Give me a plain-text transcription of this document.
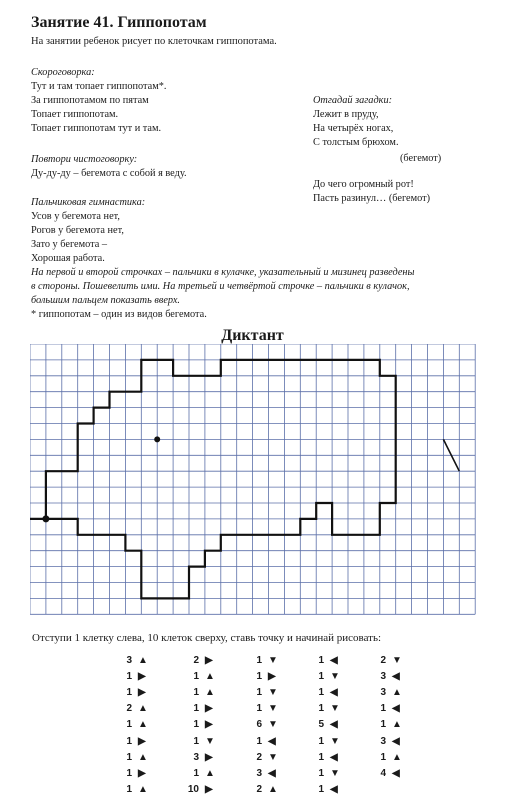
Занятие 41. Гиппопотам
На занятии ребенок рисует по клеточкам гиппопотама.
Скороговорка:
Тут и там топает гиппопотам*.
За гиппопотамом по пятам
Топает гиппопотам.
Топает гиппопотам тут и там.
Повтори чистоговорку:
Ду-ду-ду – бегемота с собой я веду.
Пальчиковая гимнастика:
Усов у бегемота нет,
Рогов у бегемота нет,
Зато у бегемота –
Хорошая работа.
Отгадай загадки:
Лежит в пруду,
На четырёх ногах,
С толстым брюхом.
(бегемот)
До чего огромный рот!
Пасть разинул… (бегемот)
На первой и второй строчках – пальчики в кулачке, указательный и мизинец разведены
в стороны. Пошевелить ими. На третьей и четвёртой строчке – пальчики в кулачок,
большим пальцем показать вверх.
* гиппопотам – один из видов бегемота.
Диктант
Отступи 1 клетку слева, 10 клеток сверху, ставь точку и начинай рисовать:
3 ▲
1 ▶
1 ▶
2 ▲
1 ▲
1 ▶
1 ▲
1 ▶
1 ▲
2 ▶
1 ▲
1 ▲
1 ▶
1 ▶
1 ▼
3 ▶
1 ▲
10 ▶
1 ▼
1 ▶
1 ▼
1 ▼
6 ▼
1 ◀
2 ▼
3 ◀
2 ▲
1 ◀
1 ▼
1 ◀
1 ▼
5 ◀
1 ▼
1 ◀
1 ▼
1 ◀
2 ▼
3 ◀
3 ▲
1 ◀
1 ▲
3 ◀
1 ▲
4 ◀
